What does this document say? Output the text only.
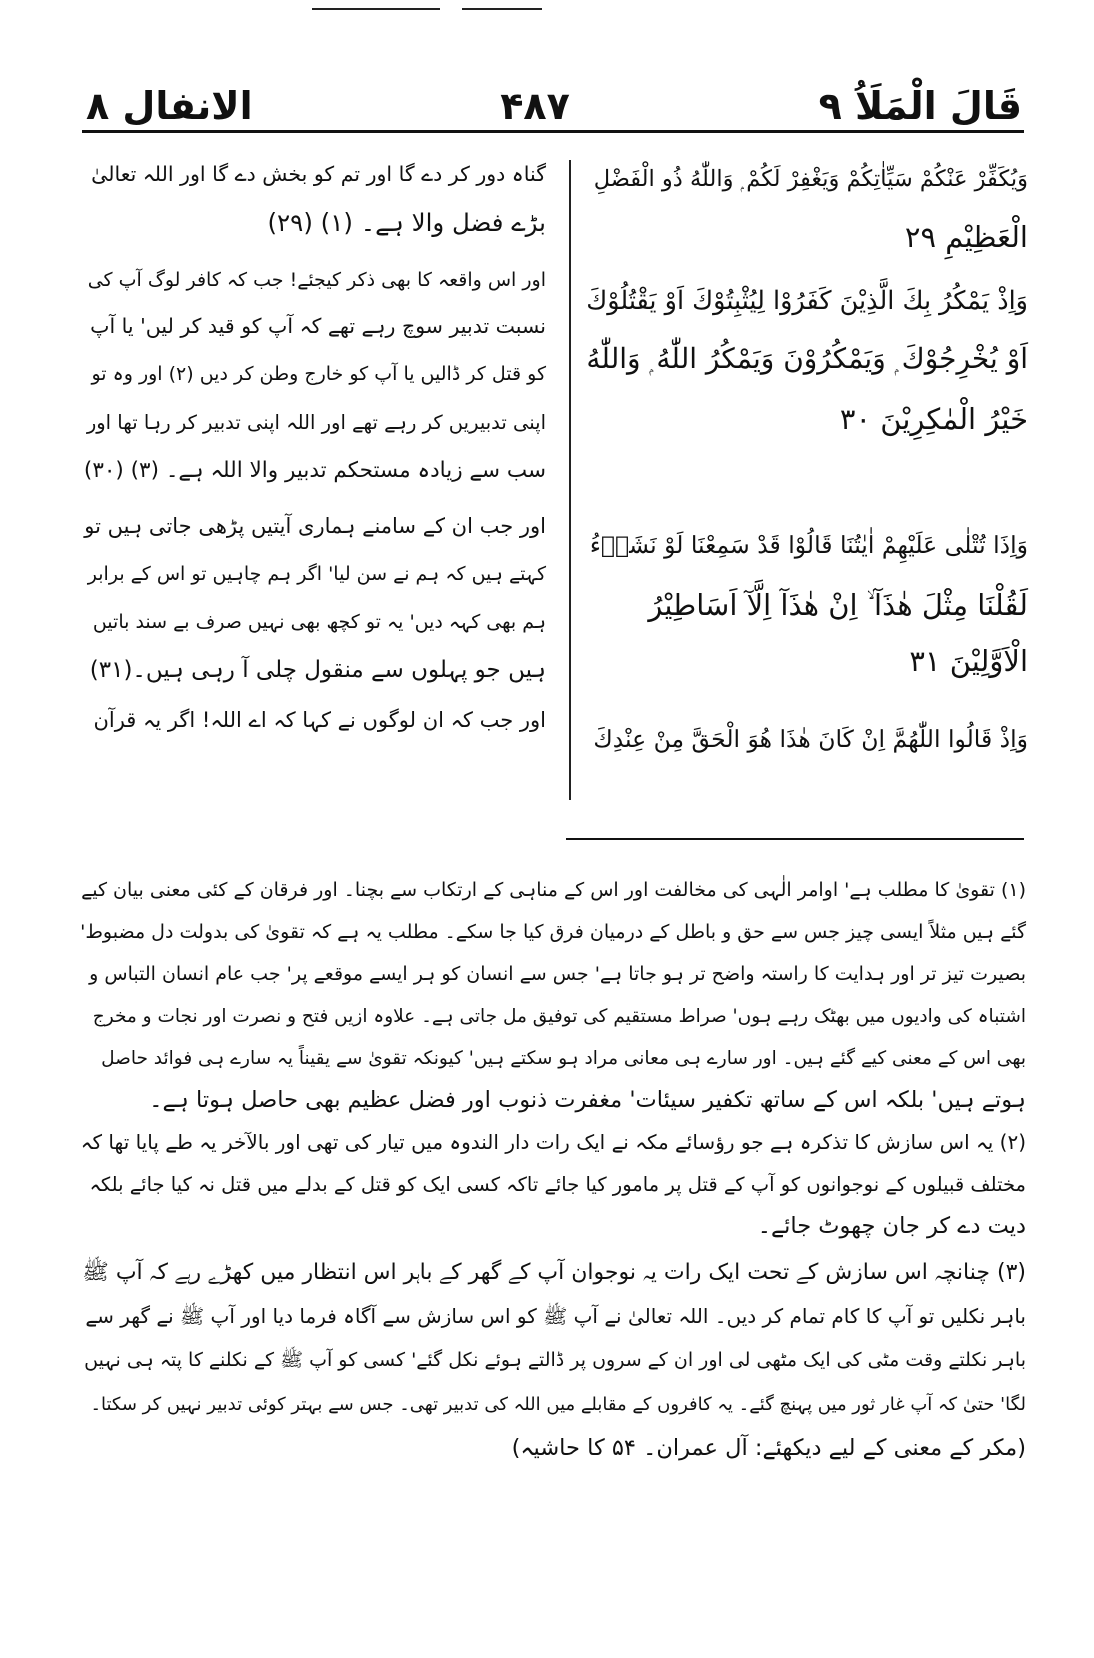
قَالَ الْمَلَاُ ٩
۴۸۷
الانفال ٨
وَيُكَفِّرْ عَنْكُمْ سَيِّاٰتِكُمْ وَيَغْفِرْ لَكُمْ ۭ وَاللّٰهُ ذُو الْفَضْلِ
الْعَظِيْمِ ۲۹
وَاِذْ يَمْكُرُ بِكَ الَّذِيْنَ كَفَرُوْا لِيُثْبِتُوْكَ اَوْ يَقْتُلُوْكَ
اَوْ يُخْرِجُوْكَ ۭ وَيَمْكُرُوْنَ وَيَمْكُرُ اللّٰهُ ۭ وَاللّٰهُ
خَيْرُ الْمٰكِرِيْنَ ۳۰
وَاِذَا تُتْلٰى عَلَيْهِمْ اٰيٰتُنَا قَالُوْا قَدْ سَمِعْنَا لَوْ نَشَاۗءُ
لَقُلْنَا مِثْلَ هٰذَآ ۙ اِنْ هٰذَآ اِلَّآ اَسَاطِيْرُ
الْاَوَّلِيْنَ ۳۱
وَاِذْ قَالُوا اللّٰهُمَّ اِنْ كَانَ هٰذَا هُوَ الْحَقَّ مِنْ عِنْدِكَ
گناہ دور کر دے گا اور تم کو بخش دے گا اور اللہ تعالیٰ
بڑے فضل والا ہے۔ (۱) (۲۹)
اور اس واقعہ کا بھی ذکر کیجئے! جب کہ کافر لوگ آپ کی
نسبت تدبیر سوچ رہے تھے کہ آپ کو قید کر لیں' یا آپ
کو قتل کر ڈالیں یا آپ کو خارج وطن کر دیں (۲) اور وہ تو
اپنی تدبیریں کر رہے تھے اور اللہ اپنی تدبیر کر رہا تھا اور
سب سے زیادہ مستحکم تدبیر والا اللہ ہے۔ (۳) (۳۰)
اور جب ان کے سامنے ہماری آیتیں پڑھی جاتی ہیں تو
کہتے ہیں کہ ہم نے سن لیا' اگر ہم چاہیں تو اس کے برابر
ہم بھی کہہ دیں' یہ تو کچھ بھی نہیں صرف بے سند باتیں
ہیں جو پہلوں سے منقول چلی آ رہی ہیں۔(۳۱)
اور جب کہ ان لوگوں نے کہا کہ اے اللہ! اگر یہ قرآن
(۱) تقویٰ کا مطلب ہے' اوامر الٰہی کی مخالفت اور اس کے مناہی کے ارتکاب سے بچنا۔ اور فرقان کے کئی معنی بیان کیے
گئے ہیں مثلاً ایسی چیز جس سے حق و باطل کے درمیان فرق کیا جا سکے۔ مطلب یہ ہے کہ تقویٰ کی بدولت دل مضبوط'
بصیرت تیز تر اور ہدایت کا راستہ واضح تر ہو جاتا ہے' جس سے انسان کو ہر ایسے موقعے پر' جب عام انسان التباس و
اشتباہ کی وادیوں میں بھٹک رہے ہوں' صراط مستقیم کی توفیق مل جاتی ہے۔ علاوہ ازیں فتح و نصرت اور نجات و مخرج
بھی اس کے معنی کیے گئے ہیں۔ اور سارے ہی معانی مراد ہو سکتے ہیں' کیونکہ تقویٰ سے یقیناً یہ سارے ہی فوائد حاصل
ہوتے ہیں' بلکہ اس کے ساتھ تکفیر سیئات' مغفرت ذنوب اور فضل عظیم بھی حاصل ہوتا ہے۔
(۲) یہ اس سازش کا تذکرہ ہے جو رؤسائے مکہ نے ایک رات دار الندوہ میں تیار کی تھی اور بالآخر یہ طے پایا تھا کہ
مختلف قبیلوں کے نوجوانوں کو آپ کے قتل پر مامور کیا جائے تاکہ کسی ایک کو قتل کے بدلے میں قتل نہ کیا جائے بلکہ
دیت دے کر جان چھوٹ جائے۔
(۳) چنانچہ اس سازش کے تحت ایک رات یہ نوجوان آپ کے گھر کے باہر اس انتظار میں کھڑے رہے کہ آپ ﷺ
باہر نکلیں تو آپ کا کام تمام کر دیں۔ اللہ تعالیٰ نے آپ ﷺ کو اس سازش سے آگاہ فرما دیا اور آپ ﷺ نے گھر سے
باہر نکلتے وقت مٹی کی ایک مٹھی لی اور ان کے سروں پر ڈالتے ہوئے نکل گئے' کسی کو آپ ﷺ کے نکلنے کا پتہ ہی نہیں
لگا' حتیٰ کہ آپ غار ثور میں پہنچ گئے۔ یہ کافروں کے مقابلے میں اللہ کی تدبیر تھی۔ جس سے بہتر کوئی تدبیر نہیں کر سکتا۔
(مکر کے معنی کے لیے دیکھئے: آل عمران۔ ۵۴ کا حاشیہ)
